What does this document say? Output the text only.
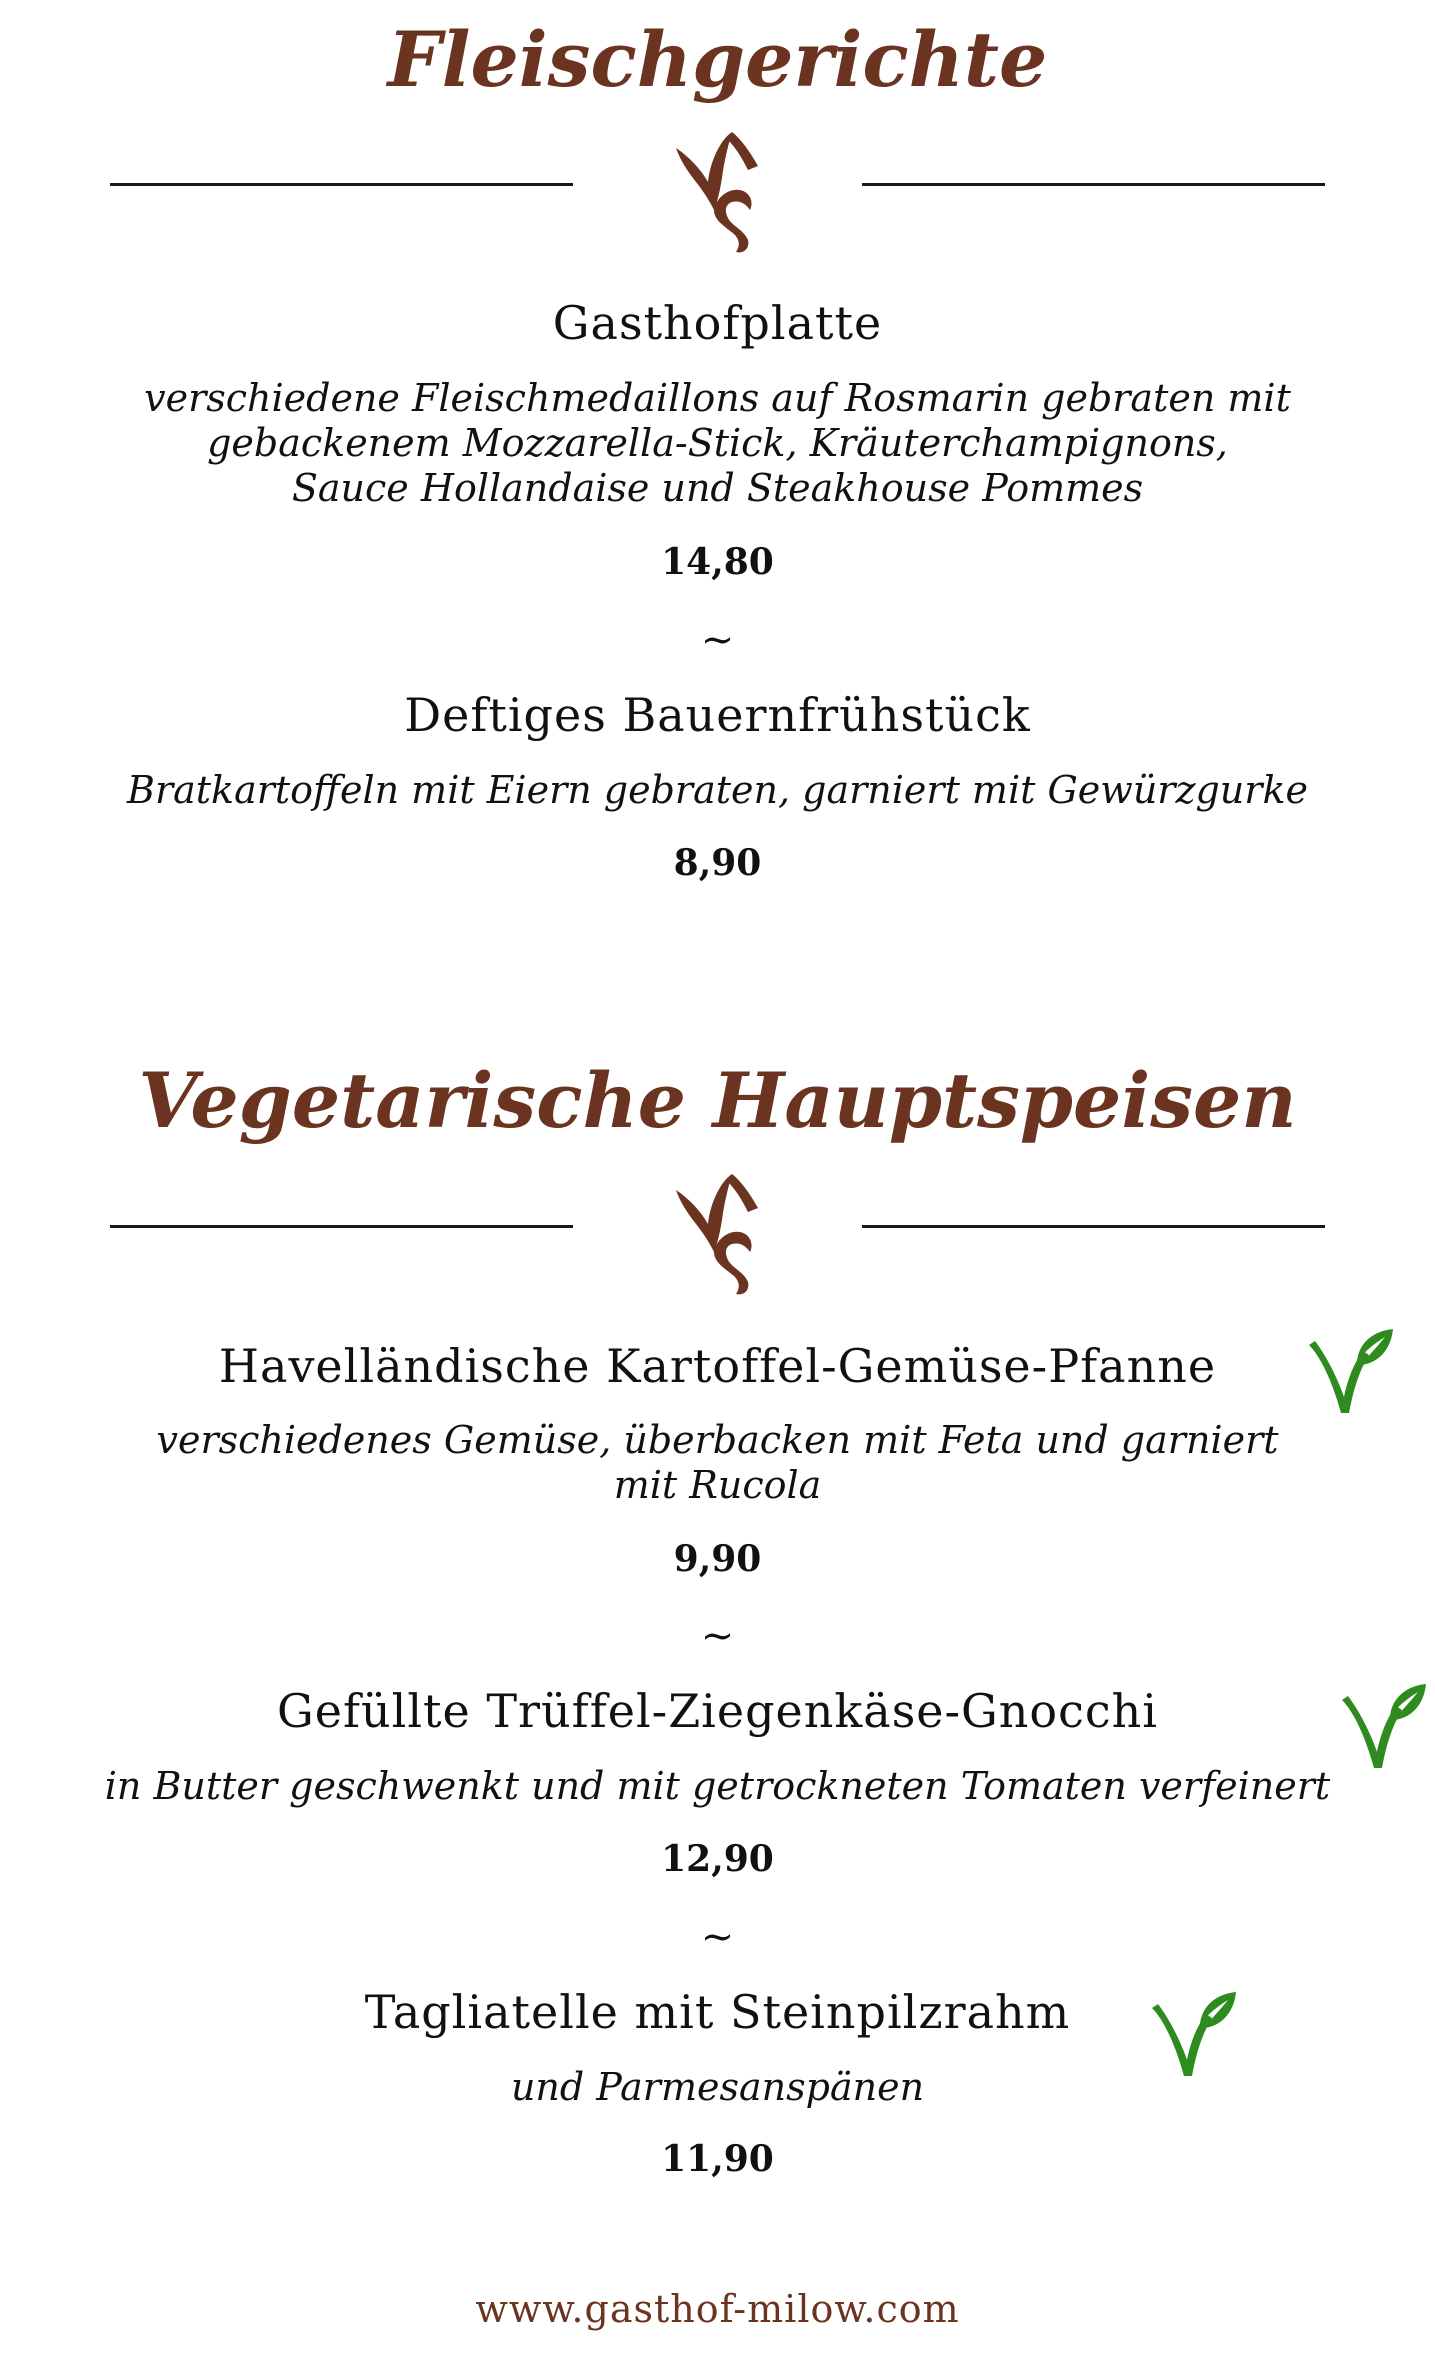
Fleischgerichte
Gasthofplatte
verschiedene Fleischmedaillons auf Rosmarin gebraten mit
gebackenem Mozzarella-Stick, Kräuterchampignons,
Sauce Hollandaise und Steakhouse Pommes
14,80
~
Deftiges Bauernfrühstück
Bratkartoffeln mit Eiern gebraten, garniert mit Gewürzgurke
8,90
Vegetarische Hauptspeisen
Havelländische Kartoffel-Gemüse-Pfanne
verschiedenes Gemüse, überbacken mit Feta und garniert
mit Rucola
9,90
~
Gefüllte Trüffel-Ziegenkäse-Gnocchi
in Butter geschwenkt und mit getrockneten Tomaten verfeinert
12,90
~
Tagliatelle mit Steinpilzrahm
und Parmesanspänen
11,90
www.gasthof-milow.com
